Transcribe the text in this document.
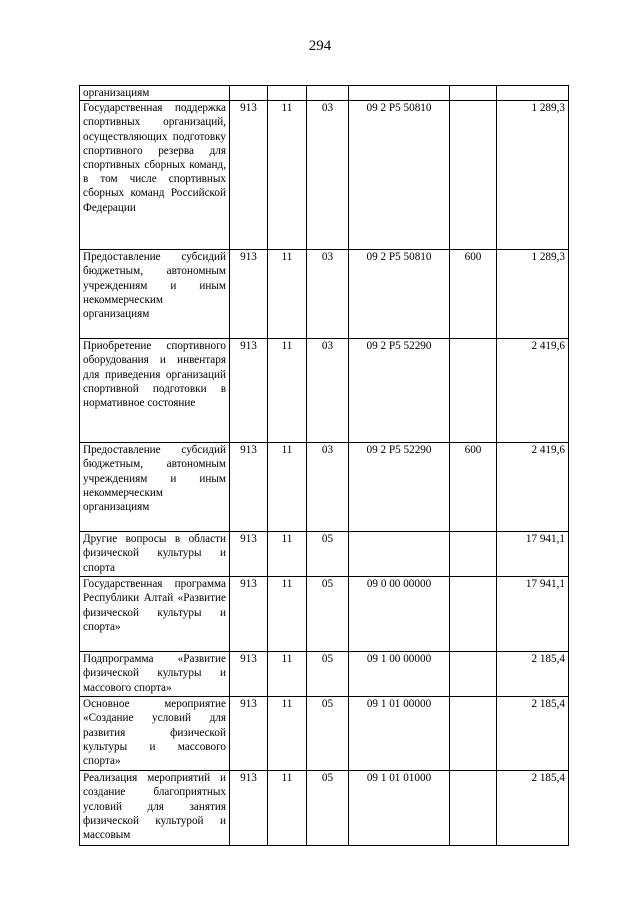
294
организациям						
Государственная поддержка спортивных организаций, осуществляющих подготовку спортивного резерва для спортивных сборных команд, в том числе спортивных сборных команд Российской Федерации	913	11	03	09 2 P5 50810		1 289,3
Предоставление субсидий бюджетным, автономным учреждениям и иным некоммерческим организациям	913	11	03	09 2 P5 50810	600	1 289,3
Приобретение спортивного оборудования и инвентаря для приведения организаций спортивной подготовки в нормативное состояние	913	11	03	09 2 P5 52290		2 419,6
Предоставление субсидий бюджетным, автономным учреждениям и иным некоммерческим организациям	913	11	03	09 2 P5 52290	600	2 419,6
Другие вопросы в области физической культуры и спорта	913	11	05			17 941,1
Государственная программа Республики Алтай «Развитие физической культуры и спорта»	913	11	05	09 0 00 00000		17 941,1
Подпрограмма «Развитие физической культуры и массового спорта»	913	11	05	09 1 00 00000		2 185,4
Основное мероприятие «Создание условий для развития физической культуры и массового спорта»	913	11	05	09 1 01 00000		2 185,4
Реализация мероприятий и создание благоприятных условий для занятия физической культурой и массовым	913	11	05	09 1 01 01000		2 185,4
